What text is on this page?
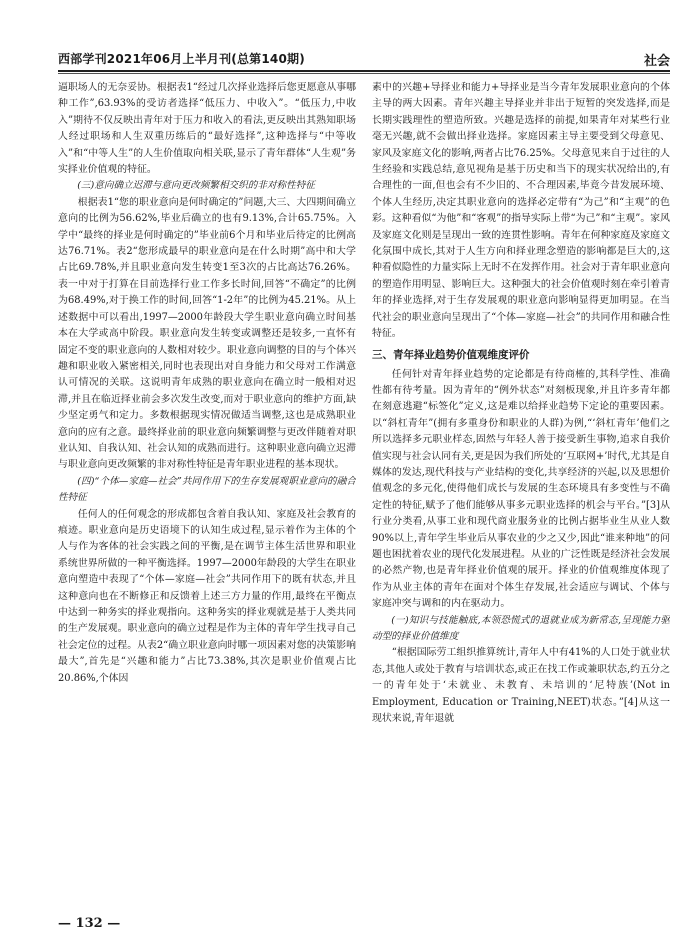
西部学刊2021年06月上半月刊(总第140期)	社会

逼职场人的无奈妥协。根据表1“经过几次择业选择后您更愿意从事哪种工作”,63.93%的受访者选择“低压力、中收入”。“低压力,中收入”期待不仅反映出青年对于压力和收入的看法,更反映出其熟知职场人经过职场和人生双重历练后的“最好选择”,这种选择与“中等收入”和“中等人生”的人生价值取向相关联,显示了青年群体“人生观”务实择业价值观的特征。

(三)意向确立迟滞与意向更改频繁相交织的非对称性特征

根据表1“您的职业意向是何时确定的”问题,大三、大四期间确立意向的比例为56.62%,毕业后确立的也有9.13%,合计65.75%。入学中“最终的择业是何时确定的”毕业前6个月和毕业后待定的比例高达76.71%。表2“您形成最早的职业意向是在什么时期”高中和大学占比69.78%,并且职业意向发生转变1至3次的占比高达76.26%。表一中对于打算在目前选择行业工作多长时间,回答“不确定”的比例为68.49%,对于换工作的时间,回答“1-2年”的比例为45.21%。从上述数据中可以看出,1997—2000年龄段大学生职业意向确立时间基本在大学或高中阶段。职业意向发生转变或调整还是较多,一直怀有固定不变的职业意向的人数相对较少。职业意向调整的目的与个体兴趣和职业收入紧密相关,同时也表现出对自身能力和父母对工作满意认可情况的关联。这说明青年成熟的职业意向在确立时一般相对迟滞,并且在临近择业前会多次发生改变,而对于职业意向的维护方面,缺少坚定勇气和定力。多数根据现实情况做适当调整,这也是成熟职业意向的应有之意。最终择业前的职业意向频繁调整与更改伴随着对职业认知、自我认知、社会认知的成熟而进行。这种职业意向确立迟滞与职业意向更改频繁的非对称性特征是青年职业进程的基本现状。

(四)“个体—家庭—社会”共同作用下的生存发展观职业意向的融合性特征

任何人的任何观念的形成都包含着自我认知、家庭及社会教育的痕迹。职业意向是历史语境下的认知生成过程,显示着作为主体的个人与作为客体的社会实践之间的平衡,是在调节主体生活世界和职业系统世界所做的一种平衡选择。1997—2000年龄段的大学生在职业意向塑造中表现了“个体—家庭—社会”共同作用下的既有状态,并且这种意向也在不断修正和反馈着上述三方力量的作用,最终在平衡点中达到一种务实的择业观指向。这种务实的择业观就是基于人类共同的生产发展观。职业意向的确立过程是作为主体的青年学生找寻自己社会定位的过程。从表2“确立职业意向时哪一项因素对您的决策影响最大”,首先是“兴趣和能力”占比73.38%,其次是职业价值观占比20.86%,个体因

素中的兴趣+导择业和能力+导择业是当今青年发展职业意向的个体主导的两大因素。青年兴趣主导择业并非出于短暂的突发选择,而是长期实践理性的塑造所致。兴趣是选择的前提,如果青年对某些行业毫无兴趣,就不会做出择业选择。家庭因素主导主要受到父母意见、家风及家庭文化的影响,两者占比76.25%。父母意见来自于过往的人生经验和实践总结,意见视角是基于历史和当下的现实状况给出的,有合理性的一面,但也会有不少旧的、不合理因素,毕竟今昔发展环境、个体人生经历,决定其职业意向的选择必定带有“为己”和“主观”的色彩。这种看似“为他”和“客观”的指导实际上带“为己”和“主观”。家风及家庭文化则是呈现出一致的连贯性影响。青年在何种家庭及家庭文化氛围中成长,其对于人生方向和择业理念塑造的影响都是巨大的,这种看似隐性的力量实际上无时不在发挥作用。社会对于青年职业意向的塑造作用明显、影响巨大。这种强大的社会价值观时刻在牵引着青年的择业选择,对于生存发展观的职业意向影响显得更加明显。在当代社会的职业意向呈现出了“个体—家庭—社会”的共同作用和融合性特征。

三、青年择业趋势价值观维度评价

任何针对青年择业趋势的定论都是有待商榷的,其科学性、准确性都有待考量。因为青年的“例外状态”对刻板现象,并且许多青年都在刻意逃避“标签化”定义,这是难以给择业趋势下定论的重要因素。以“斜杠青年”(拥有多重身份和职业的人群)为例,“‘斜杠青年’他们之所以选择多元职业样态,固然与年轻人善于接受新生事物,追求自我价值实现与社会认同有关,更是因为我们所处的‘互联网+’时代,尤其是自媒体的发达,现代科技与产业结构的变化,共享经济的兴起,以及思想价值观念的多元化,使得他们成长与发展的生态环境具有多变性与不确定性的特征,赋予了他们能够从事多元职业选择的机会与平台。”[3]从行业分类看,从事工业和现代商业服务业的比例占据毕业生从业人数90%以上,青年学生毕业后从事农业的少之又少,因此“谁来种地”的问题也困扰着农业的现代化发展进程。从业的广泛性既是经济社会发展的必然产物,也是青年择业价值观的展开。择业的价值观维度体现了作为从业主体的青年在面对个体生存发展,社会适应与调试、个体与家庭冲突与调和的内在驱动力。

(一)知识与技能触底,本领恐慌式的退就业成为新常态,呈现能力驱动型的择业价值维度

“根据国际劳工组织推算统计,青年人中有41%的人口处于就业状态,其他人或处于教育与培训状态,或正在找工作或兼职状态,约五分之一的青年处于‘未就业、未教育、未培训的‘尼特族’(Not in Employment, Education or Training,NEET)状态。”[4]从这一现状来说,青年退就

— 132 —
